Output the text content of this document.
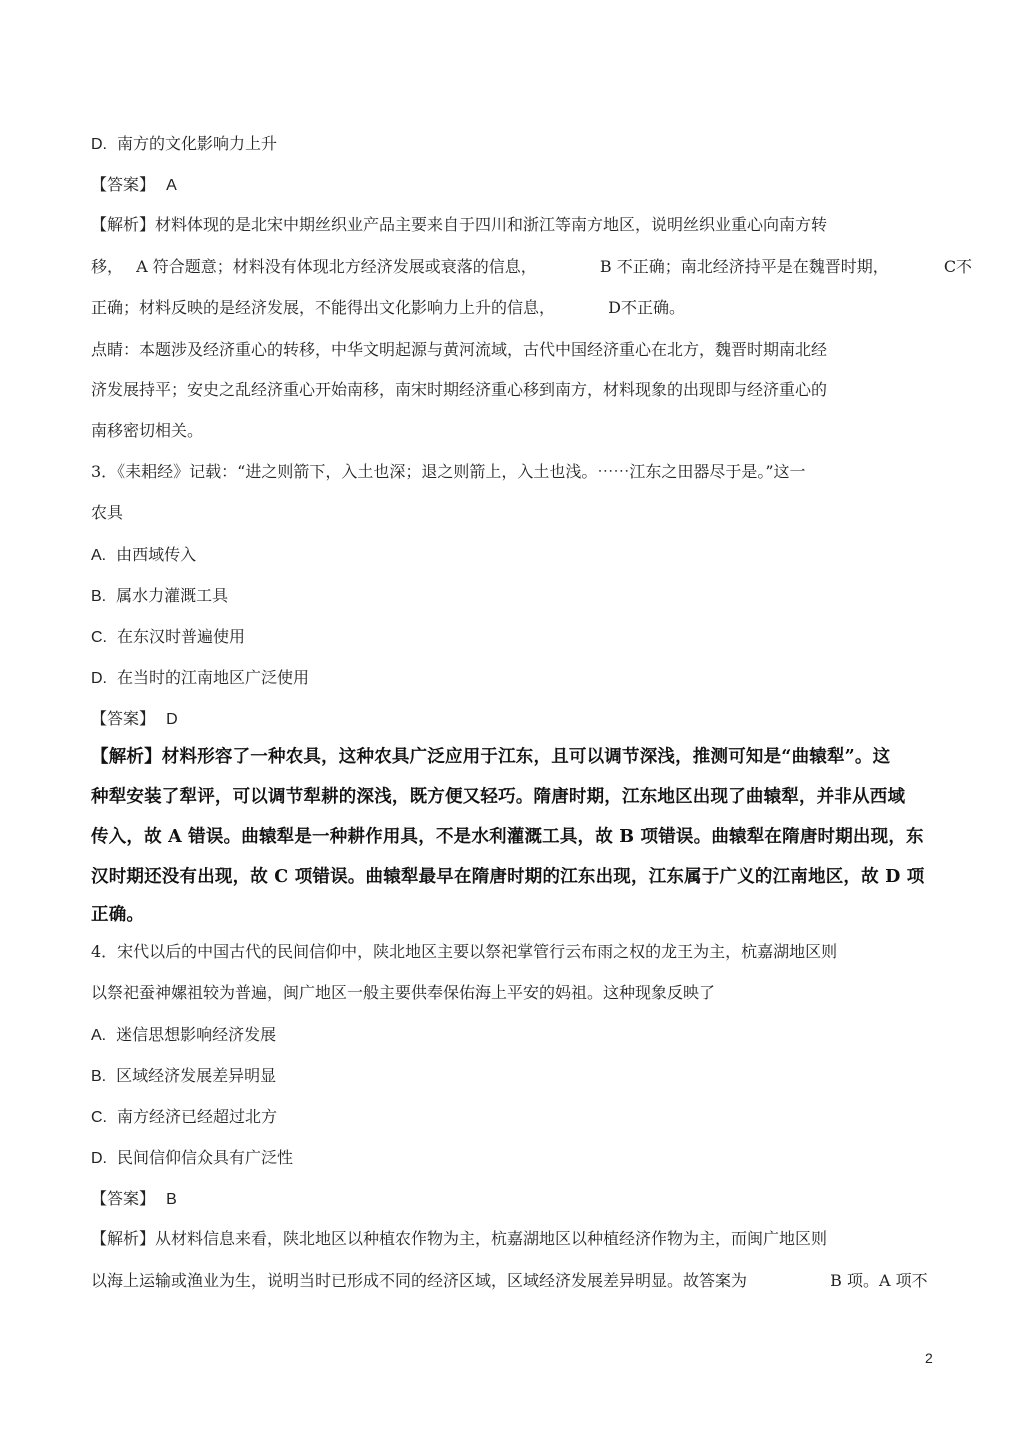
D. 南方的文化影响力上升
【答案】 A
【解析】材料体现的是北宋中期丝织业产品主要来自于四川和浙江等南方地区，说明丝织业重心向南方转
移， A 符合题意；材料没有体现北方经济发展或衰落的信息，	B 不正确；南北经济持平是在魏晋时期，	C不
正确；材料反映的是经济发展，不能得出文化影响力上升的信息，	D不正确。
点睛：本题涉及经济重心的转移，中华文明起源与黄河流域，古代中国经济重心在北方，魏晋时期南北经
济发展持平；安史之乱经济重心开始南移，南宋时期经济重心移到南方，材料现象的出现即与经济重心的
南移密切相关。
3．《耒耜经》记载：“进之则箭下，入土也深；退之则箭上，入土也浅。⋯⋯江东之田器尽于是。”这一
农具
A. 由西域传入
B. 属水力灌溉工具
C. 在东汉时普遍使用
D. 在当时的江南地区广泛使用
【答案】 D
【解析】材料形容了一种农具，这种农具广泛应用于江东，且可以调节深浅，推测可知是“曲辕犁”。这
种犁安装了犁评，可以调节犁耕的深浅，既方便又轻巧。隋唐时期，江东地区出现了曲辕犁，并非从西域
传入，故 A 错误。曲辕犁是一种耕作用具，不是水利灌溉工具，故 B 项错误。曲辕犁在隋唐时期出现，东
汉时期还没有出现，故 C 项错误。曲辕犁最早在隋唐时期的江东出现，江东属于广义的江南地区，故 D 项
正确。
4．宋代以后的中国古代的民间信仰中，陕北地区主要以祭祀掌管行云布雨之权的龙王为主，杭嘉湖地区则
以祭祀蚕神嫘祖较为普遍，闽广地区一般主要供奉保佑海上平安的妈祖。这种现象反映了
A. 迷信思想影响经济发展
B. 区域经济发展差异明显
C. 南方经济已经超过北方
D. 民间信仰信众具有广泛性
【答案】 B
【解析】从材料信息来看，陕北地区以种植农作物为主，杭嘉湖地区以种植经济作物为主，而闽广地区则
以海上运输或渔业为生，说明当时已形成不同的经济区域，区域经济发展差异明显。故答案为	B 项。A 项不
2
